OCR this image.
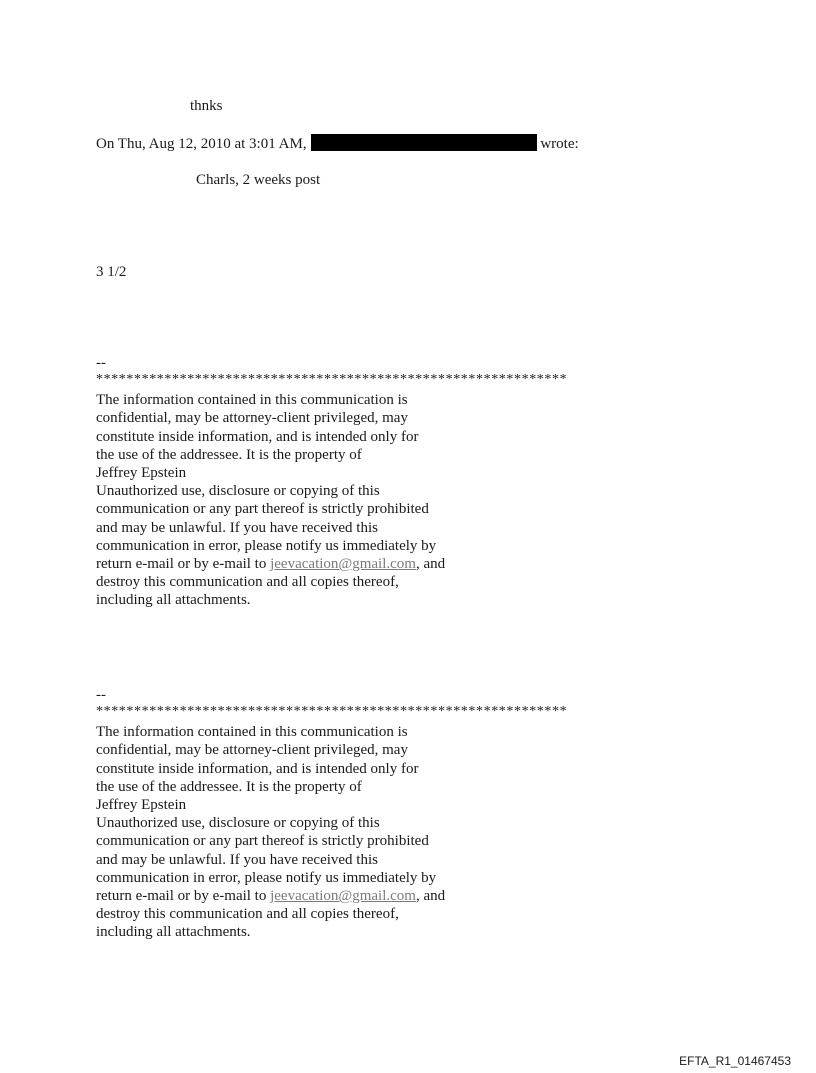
thnks
On Thu, Aug 12, 2010 at 3:01 AM,	wrote:
Charls, 2 weeks post
3 1/2
--
**************************************************************
The information contained in this communication is
confidential, may be attorney-client privileged, may
constitute inside information, and is intended only for
the use of the addressee. It is the property of
Jeffrey Epstein
Unauthorized use, disclosure or copying of this
communication or any part thereof is strictly prohibited
and may be unlawful. If you have received this
communication in error, please notify us immediately by
return e-mail or by e-mail to jeevacation@gmail.com, and
destroy this communication and all copies thereof,
including all attachments.
--
**************************************************************
The information contained in this communication is
confidential, may be attorney-client privileged, may
constitute inside information, and is intended only for
the use of the addressee. It is the property of
Jeffrey Epstein
Unauthorized use, disclosure or copying of this
communication or any part thereof is strictly prohibited
and may be unlawful. If you have received this
communication in error, please notify us immediately by
return e-mail or by e-mail to jeevacation@gmail.com, and
destroy this communication and all copies thereof,
including all attachments.
EFTA_R1_01467453
